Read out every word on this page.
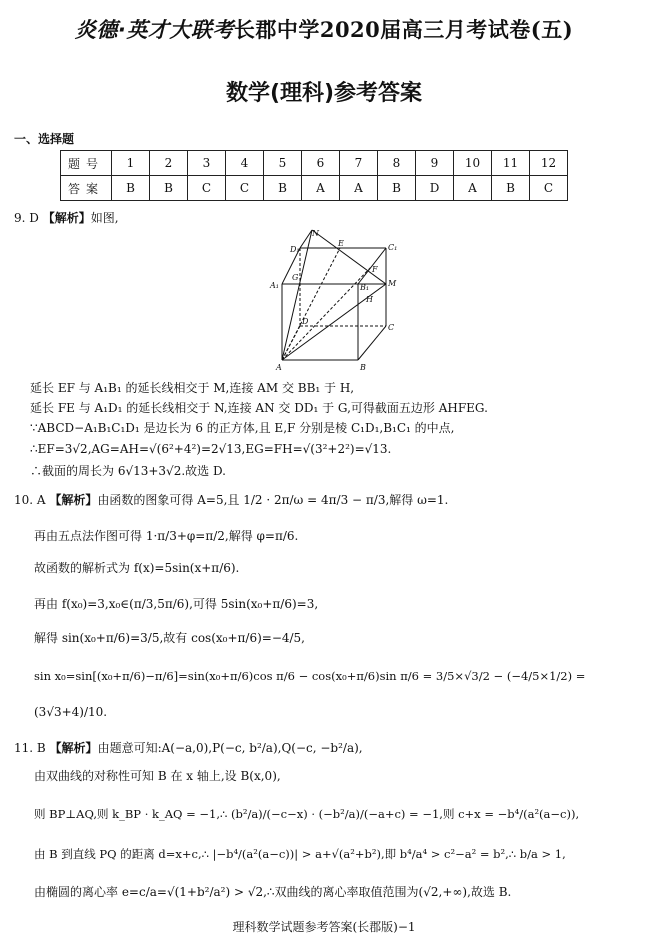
炎德·英才大联考长郡中学2020届高三月考试卷(五)
数学(理科)参考答案
一、选择题
题号	1	2	3	4	5	6	7	8	9	10	11	12
答案	B	B	C	C	B	A	A	B	D	A	B	C
9. D 【解析】如图,
N
D₁
E	C₁
F
M
A₁
G
B₁
H
D
C
A	B
延长 EF 与 A₁B₁ 的延长线相交于 M,连接 AM 交 BB₁ 于 H,
延长 FE 与 A₁D₁ 的延长线相交于 N,连接 AN 交 DD₁ 于 G,可得截面五边形 AHFEG.
∵ABCD−A₁B₁C₁D₁ 是边长为 6 的正方体,且 E,F 分别是棱 C₁D₁,B₁C₁ 的中点,
∴EF=3√2,AG=AH=√(6²+4²)=2√13,EG=FH=√(3²+2²)=√13.
∴截面的周长为 6√13+3√2.故选 D.
10. A 【解析】由函数的图象可得 A=5,且 1/2 · 2π/ω = 4π/3 − π/3,解得 ω=1.
再由五点法作图可得 1·π/3+φ=π/2,解得 φ=π/6.
故函数的解析式为 f(x)=5sin(x+π/6).
再由 f(x₀)=3,x₀∈(π/3,5π/6),可得 5sin(x₀+π/6)=3,
解得 sin(x₀+π/6)=3/5,故有 cos(x₀+π/6)=−4/5,
sin x₀=sin[(x₀+π/6)−π/6]=sin(x₀+π/6)cos π/6 − cos(x₀+π/6)sin π/6 = 3/5×√3/2 − (−4/5×1/2) =
(3√3+4)/10.
11. B 【解析】由题意可知:A(−a,0),P(−c, b²/a),Q(−c, −b²/a),
由双曲线的对称性可知 B 在 x 轴上,设 B(x,0),
则 BP⊥AQ,则 k_BP · k_AQ = −1,∴ (b²/a)/(−c−x) · (−b²/a)/(−a+c) = −1,则 c+x = −b⁴/(a²(a−c)),
由 B 到直线 PQ 的距离 d=x+c,∴ |−b⁴/(a²(a−c))| > a+√(a²+b²),即 b⁴/a⁴ > c²−a² = b²,∴ b/a > 1,
由椭圆的离心率 e=c/a=√(1+b²/a²) > √2,∴双曲线的离心率取值范围为(√2,+∞),故选 B.
理科数学试题参考答案(长郡版)−1
